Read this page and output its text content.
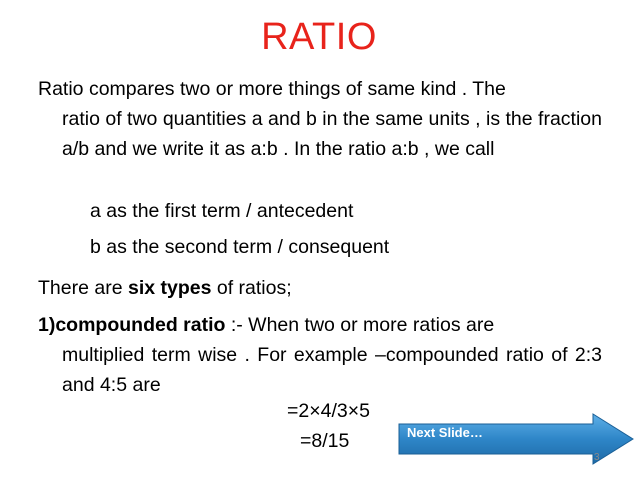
RATIO
Ratio compares two or more things of same kind . The
ratio of two quantities a and b in the same units , is the fraction a/b and we write it as a:b . In the ratio a:b , we call
a as the first term / antecedent
b as the second term / consequent
There are six types of ratios;
1)compounded ratio :- When two or more ratios are
multiplied term wise . For example –compounded ratio of 2:3 and 4:5 are
=2×4/3×5
=8/15	Next Slide…
3
